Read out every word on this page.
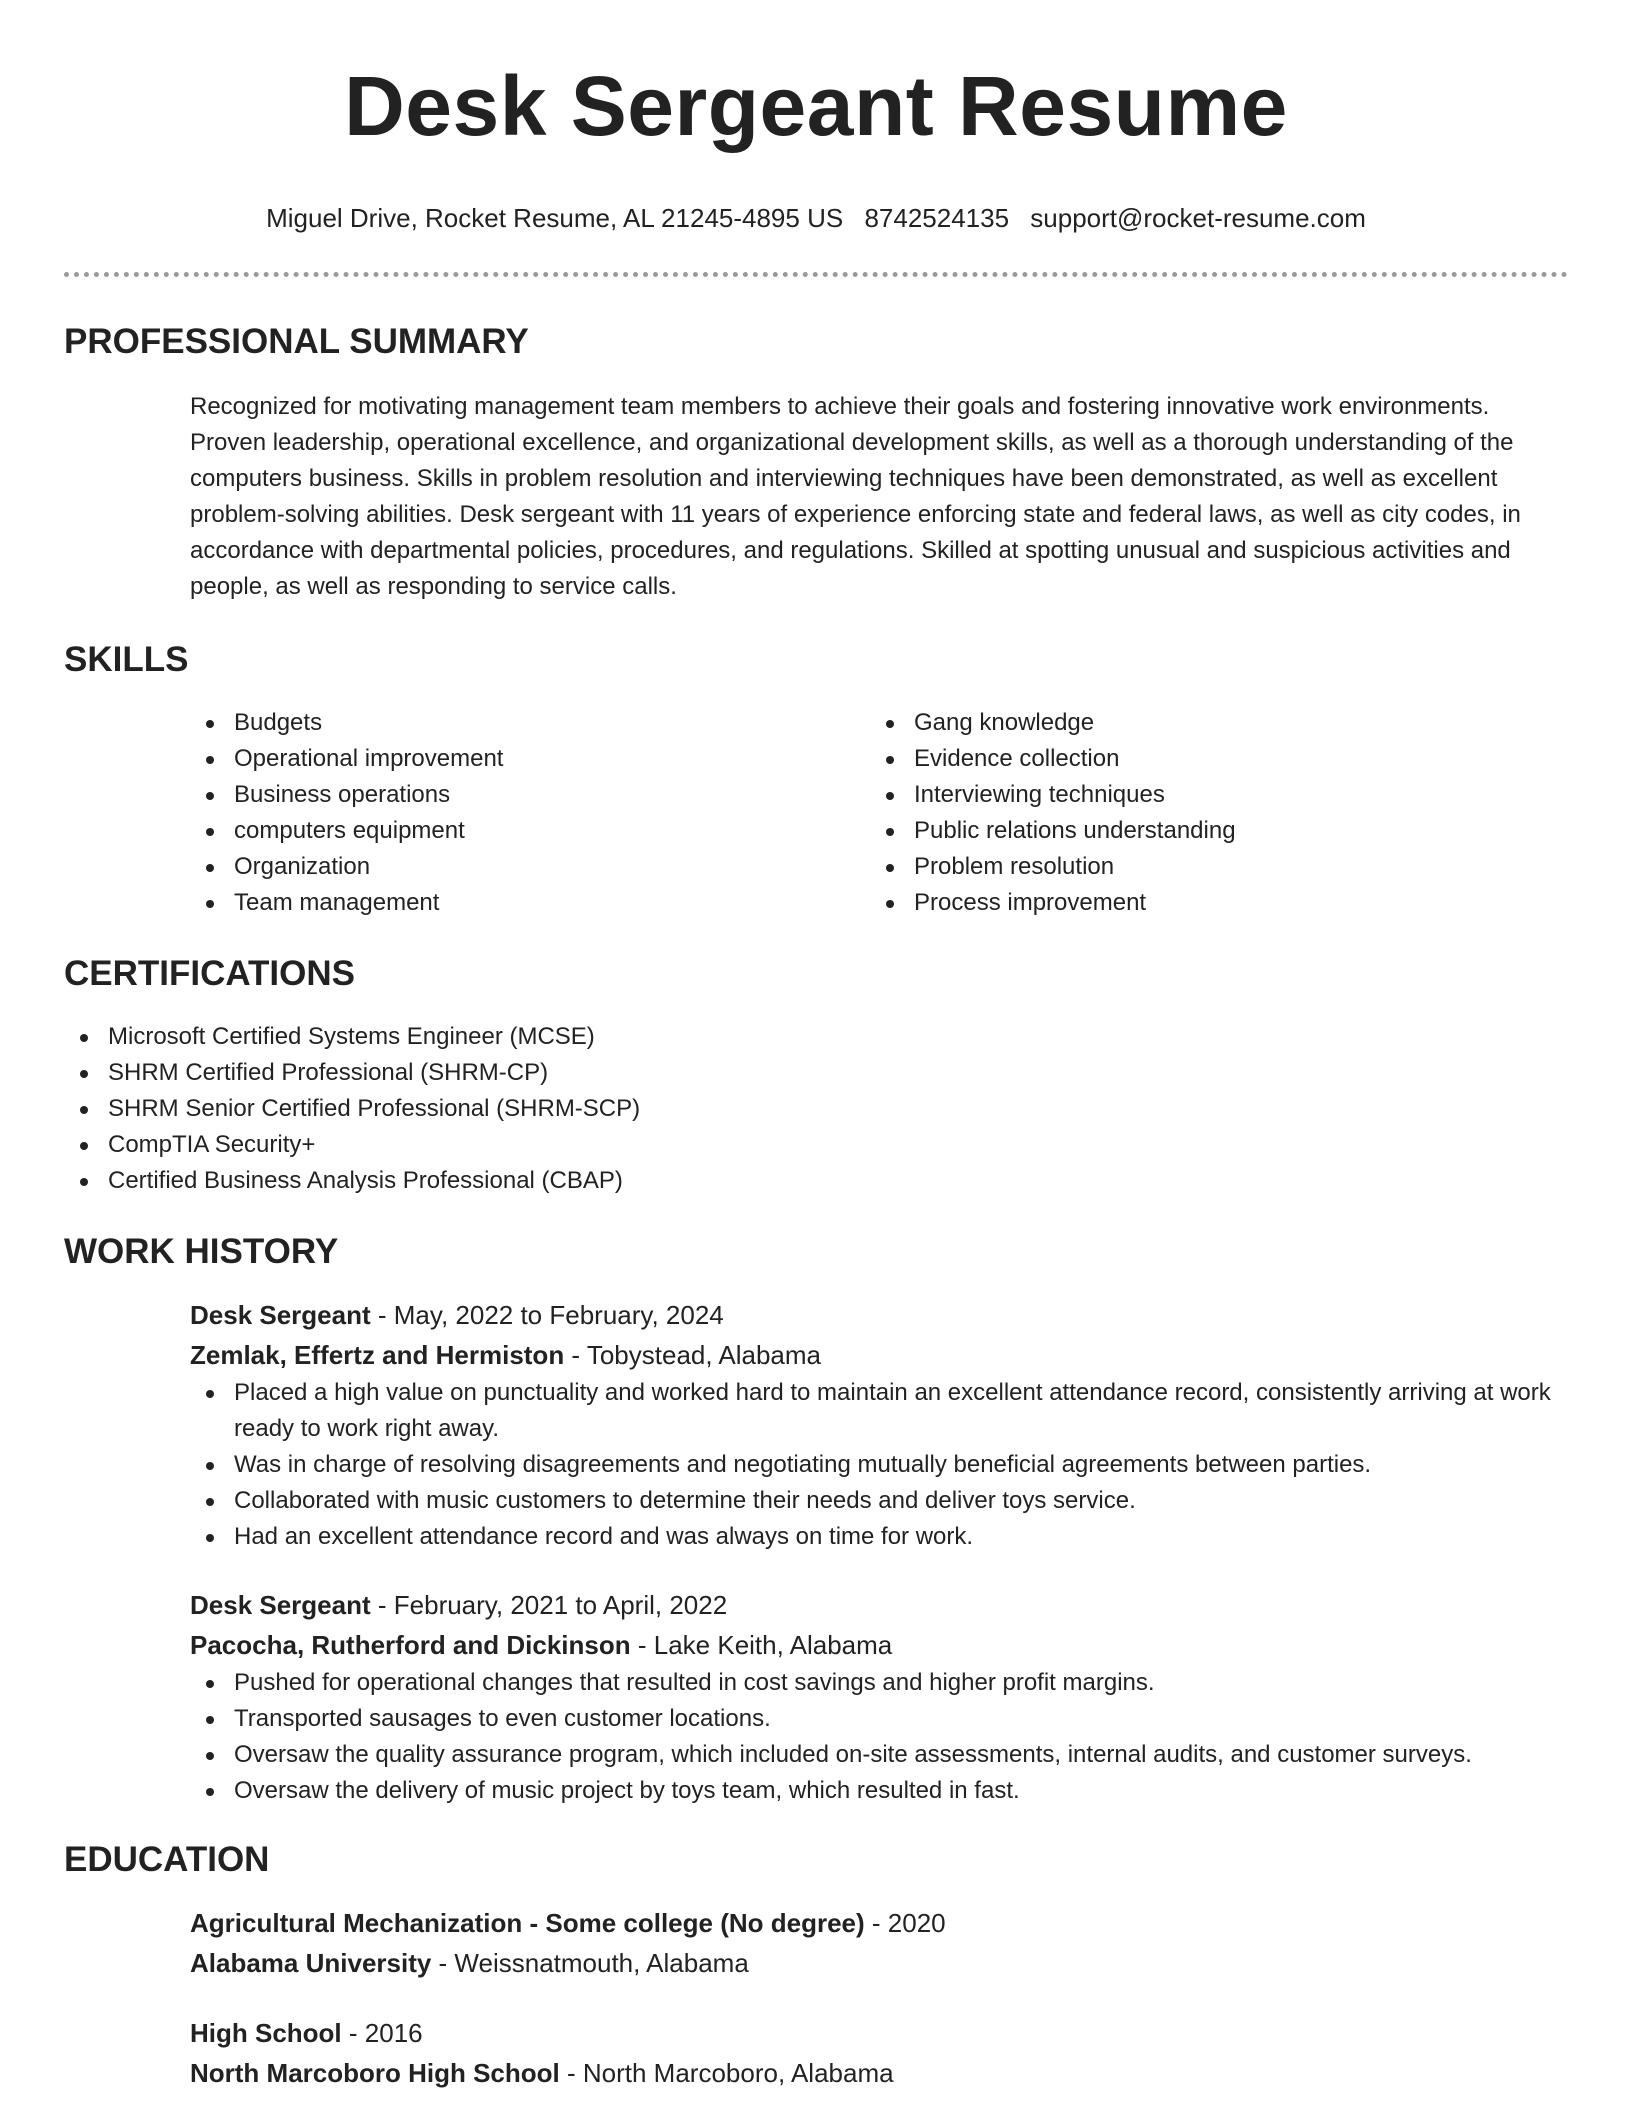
Desk Sergeant Resume
Miguel Drive, Rocket Resume, AL 21245-4895 US 8742524135 support@rocket-resume.com
PROFESSIONAL SUMMARY

Recognized for motivating management team members to achieve their goals and fostering innovative work environments. Proven leadership, operational excellence, and organizational development skills, as well as a thorough understanding of the computers business. Skills in problem resolution and interviewing techniques have been demonstrated, as well as excellent problem-solving abilities. Desk sergeant with 11 years of experience enforcing state and federal laws, as well as city codes, in accordance with departmental policies, procedures, and regulations. Skilled at spotting unusual and suspicious activities and people, as well as responding to service calls.

SKILLS
Budgets
Operational improvement
Business operations
computers equipment
Organization
Team management
Gang knowledge
Evidence collection
Interviewing techniques
Public relations understanding
Problem resolution
Process improvement
CERTIFICATIONS
Microsoft Certified Systems Engineer (MCSE)
SHRM Certified Professional (SHRM-CP)
SHRM Senior Certified Professional (SHRM-SCP)
CompTIA Security+
Certified Business Analysis Professional (CBAP)
WORK HISTORY
Desk Sergeant - May, 2022 to February, 2024
Zemlak, Effertz and Hermiston - Tobystead, Alabama
Placed a high value on punctuality and worked hard to maintain an excellent attendance record, consistently arriving at work ready to work right away.
Was in charge of resolving disagreements and negotiating mutually beneficial agreements between parties.
Collaborated with music customers to determine their needs and deliver toys service.
Had an excellent attendance record and was always on time for work.
Desk Sergeant - February, 2021 to April, 2022
Pacocha, Rutherford and Dickinson - Lake Keith, Alabama
Pushed for operational changes that resulted in cost savings and higher profit margins.
Transported sausages to even customer locations.
Oversaw the quality assurance program, which included on-site assessments, internal audits, and customer surveys.
Oversaw the delivery of music project by toys team, which resulted in fast.
EDUCATION
Agricultural Mechanization - Some college (No degree) - 2020
Alabama University - Weissnatmouth, Alabama
High School - 2016
North Marcoboro High School - North Marcoboro, Alabama
